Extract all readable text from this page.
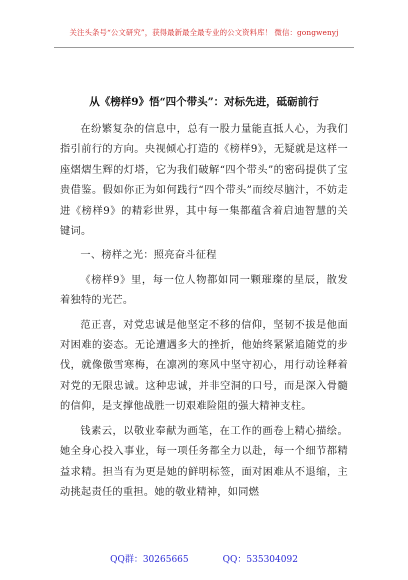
关注头条号“公文研究”，获得最新最全最专业的公文资料库！ 微信：gongwenyj
从《榜样9》悟“四个带头”：对标先进，砥砺前行

在纷繁复杂的信息中，总有一股力量能直抵人心，为我们指引前行的方向。央视倾心打造的《榜样9》，无疑就是这样一座熠熠生辉的灯塔，它为我们破解“四个带头”的密码提供了宝贵借鉴。假如你正为如何践行“四个带头”而绞尽脑汁，不妨走进《榜样9》的精彩世界，其中每一集都蕴含着启迪智慧的关键词。

一、榜样之光：照亮奋斗征程

《榜样9》里，每一位人物都如同一颗璀璨的星辰，散发着独特的光芒。

范正喜，对党忠诚是他坚定不移的信仰，坚韧不拔是他面对困难的姿态。无论遭遇多大的挫折，他始终紧紧追随党的步伐，就像傲雪寒梅，在凛冽的寒风中坚守初心，用行动诠释着对党的无限忠诚。这种忠诚，并非空洞的口号，而是深入骨髓的信仰，是支撑他战胜一切艰难险阻的强大精神支柱。

钱素云，以敬业奉献为画笔，在工作的画卷上精心描绘。她全身心投入事业，每一项任务都全力以赴，每一个细节都精益求精。担当有为更是她的鲜明标签，面对困难从不退缩，主动挑起责任的重担。她的敬业精神，如同燃

QQ群：30265665	QQ：535304092
